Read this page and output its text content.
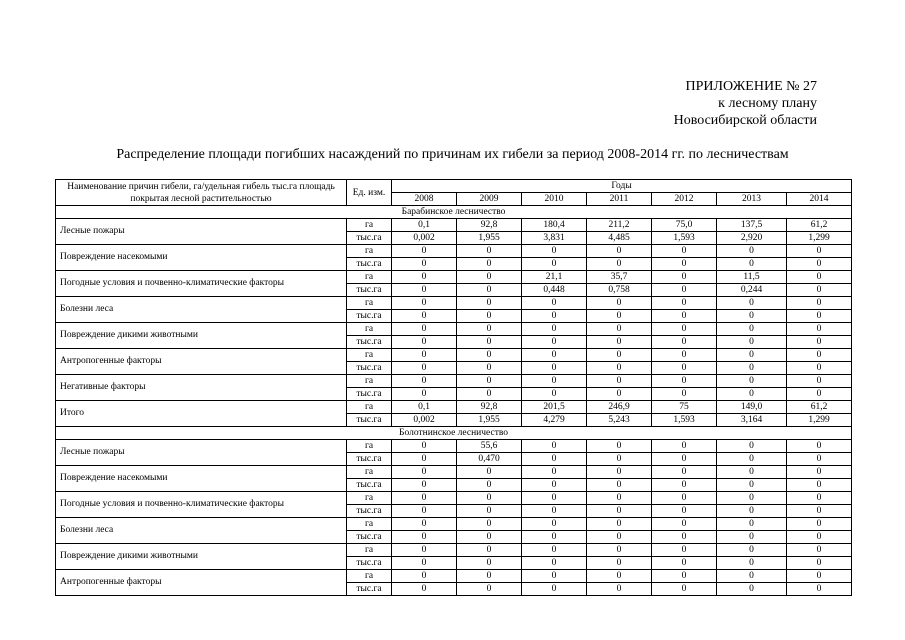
ПРИЛОЖЕНИЕ № 27
к лесному плану
Новосибирской области
Распределение площади погибших насаждений по причинам их гибели за период 2008-2014 гг. по лесничествам
Наименование причин гибели, га/удельная гибель тыс.га площадь покрытая лесной растительностью	Ед. изм.	Годы						
		2008	2009	2010	2011	2012	2013	2014
Барабинское лесничество								
Лесные пожары	га	0,1	92,8	180,4	211,2	75,0	137,5	61,2
	тыс.га	0,002	1,955	3,831	4,485	1,593	2,920	1,299
Повреждение насекомыми	га	0	0	0	0	0	0	0
	тыс.га	0	0	0	0	0	0	0
Погодные условия и почвенно-климатические факторы	га	0	0	21,1	35,7	0	11,5	0
	тыс.га	0	0	0,448	0,758	0	0,244	0
Болезни леса	га	0	0	0	0	0	0	0
	тыс.га	0	0	0	0	0	0	0
Повреждение дикими животными	га	0	0	0	0	0	0	0
	тыс.га	0	0	0	0	0	0	0
Антропогенные факторы	га	0	0	0	0	0	0	0
	тыс.га	0	0	0	0	0	0	0
Негативные факторы	га	0	0	0	0	0	0	0
	тыс.га	0	0	0	0	0	0	0
Итого	га	0,1	92,8	201,5	246,9	75	149,0	61,2
	тыс.га	0,002	1,955	4,279	5,243	1,593	3,164	1,299
Болотнинское лесничество								
Лесные пожары	га	0	55,6	0	0	0	0	0
	тыс.га	0	0,470	0	0	0	0	0
Повреждение насекомыми	га	0	0	0	0	0	0	0
	тыс.га	0	0	0	0	0	0	0
Погодные условия и почвенно-климатические факторы	га	0	0	0	0	0	0	0
	тыс.га	0	0	0	0	0	0	0
Болезни леса	га	0	0	0	0	0	0	0
	тыс.га	0	0	0	0	0	0	0
Повреждение дикими животными	га	0	0	0	0	0	0	0
	тыс.га	0	0	0	0	0	0	0
Антропогенные факторы	га	0	0	0	0	0	0	0
	тыс.га	0	0	0	0	0	0	0
